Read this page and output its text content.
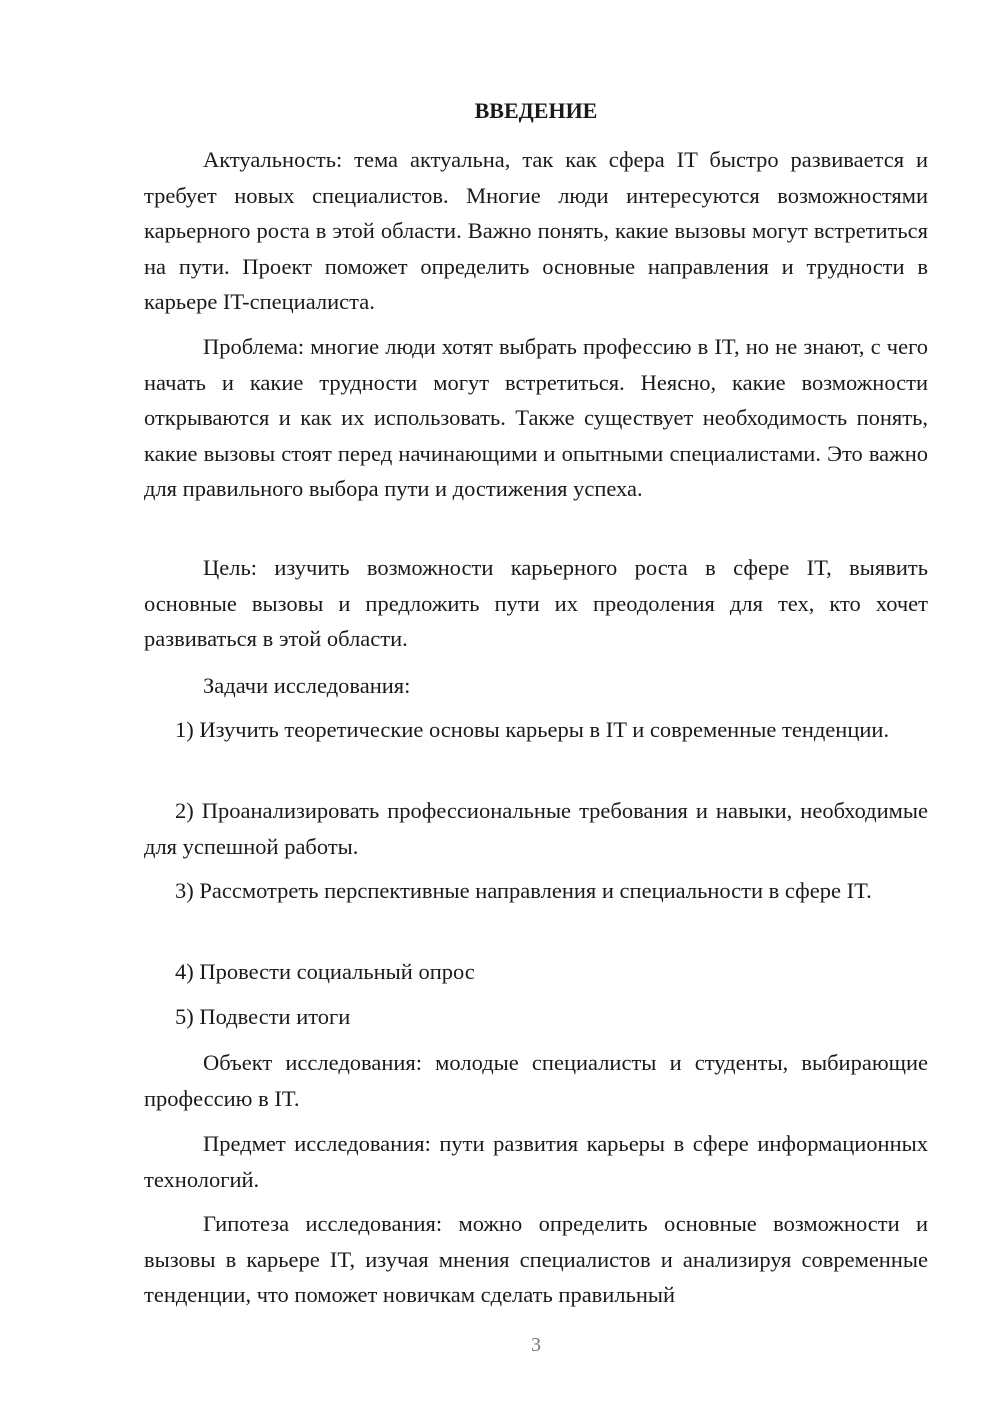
ВВЕДЕНИЕ

Актуальность: тема актуальна, так как сфера IT быстро развивается и требует новых специалистов. Многие люди интересуются возможностями карьерного роста в этой области. Важно понять, какие вызовы могут встретиться на пути. Проект поможет определить основные направления и трудности в карьере IT-специалиста.

Проблема: многие люди хотят выбрать профессию в IT, но не знают, с чего начать и какие трудности могут встретиться. Неясно, какие возможности открываются и как их использовать. Также существует необходимость понять, какие вызовы стоят перед начинающими и опытными специалистами. Это важно для правильного выбора пути и достижения успеха.

Цель: изучить возможности карьерного роста в сфере IT, выявить основные вызовы и предложить пути их преодоления для тех, кто хочет развиваться в этой области.

Задачи исследования:

1) Изучить теоретические основы карьеры в IT и современные тенденции.

2) Проанализировать профессиональные требования и навыки, необходимые для успешной работы.

3) Рассмотреть перспективные направления и специальности в сфере IT.

4) Провести социальный опрос

5) Подвести итоги

Объект исследования: молодые специалисты и студенты, выбирающие профессию в IT.

Предмет исследования: пути развития карьеры в сфере информационных технологий.

Гипотеза исследования: можно определить основные возможности и вызовы в карьере IT, изучая мнения специалистов и анализируя современные тенденции, что поможет новичкам сделать правильный

3
